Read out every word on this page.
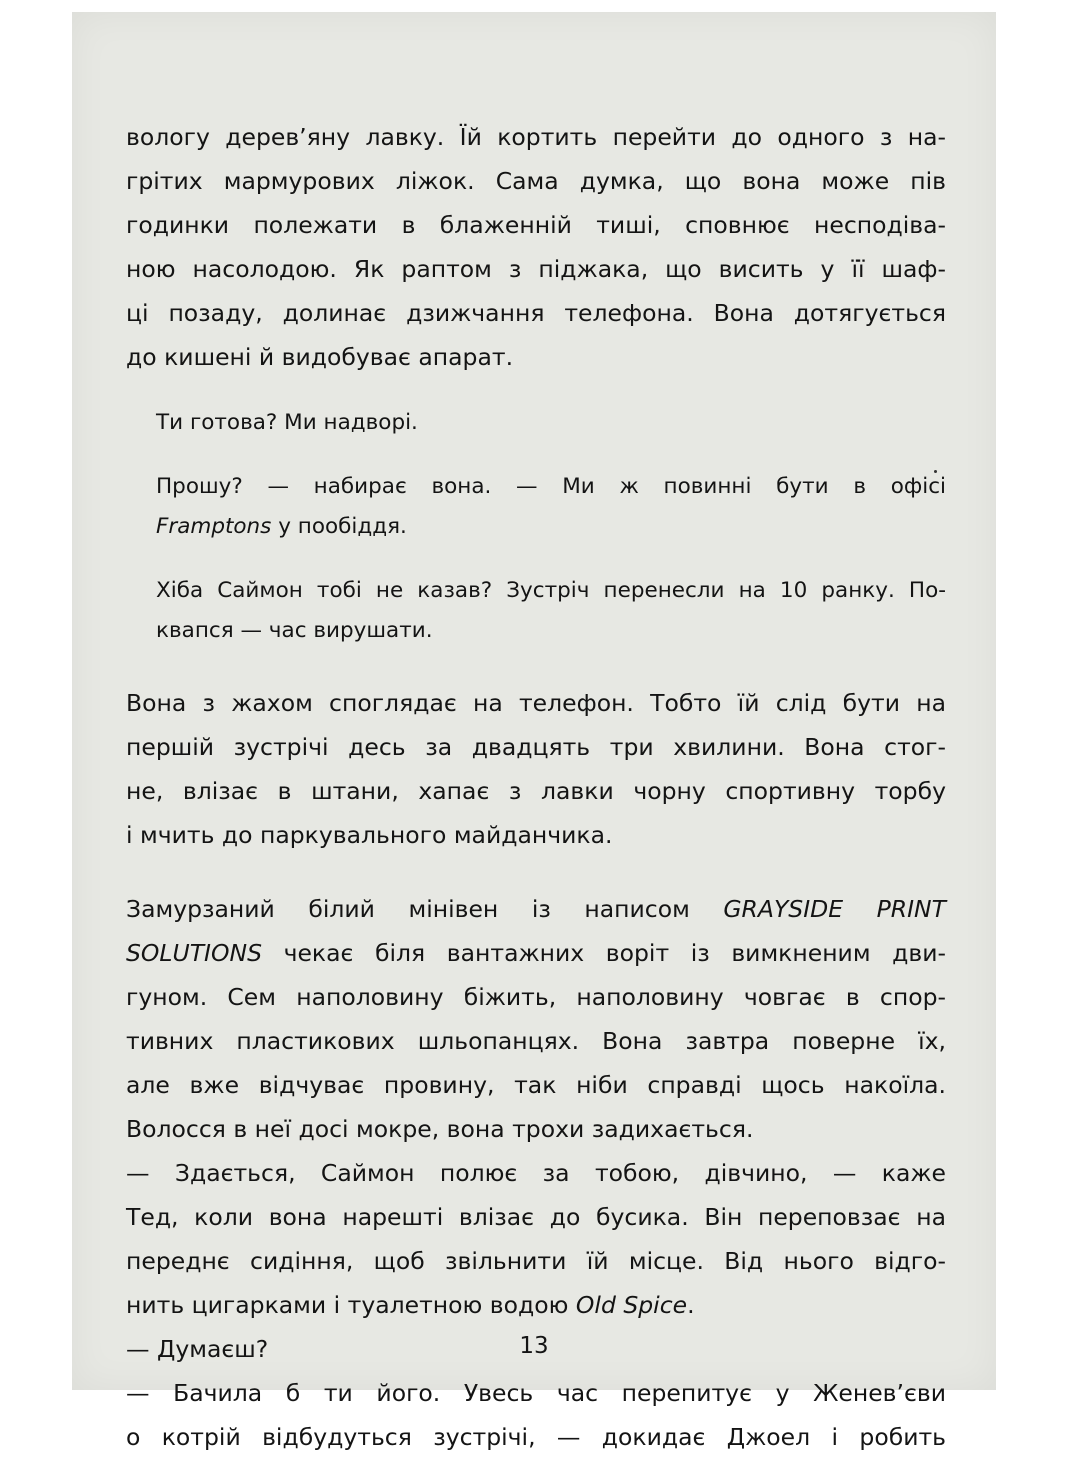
вологу дерев’яну лавку. Їй кортить перейти до одного з на-
грітих мармурових ліжок. Сама думка, що вона може пів
годинки полежати в блаженній тиші, сповнює несподіва-
ною насолодою. Як раптом з піджака, що висить у її шаф-
ці позаду, долинає дзижчання телефона. Вона дотягується
до кишені й видобуває апарат.
Ти готова? Ми надворі.
Прошу? — набирає вона. — Ми ж повинні бути в офісі
Framptons у пообіддя.
Хіба Саймон тобі не казав? Зустріч перенесли на 10 ранку. По-
квапся — час вирушати.
Вона з жахом споглядає на телефон. Тобто їй слід бути на
першій зустрічі десь за двадцять три хвилини. Вона стог-
не, влізає в штани, хапає з лавки чорну спортивну торбу
і мчить до паркувального майданчика.
Замурзаний білий мінівен із написом GRAYSIDE PRINT
SOLUTIONS чекає біля вантажних воріт із вимкненим дви-
гуном. Сем наполовину біжить, наполовину човгає в спор-
тивних пластикових шльопанцях. Вона завтра поверне їх,
але вже відчуває провину, так ніби справді щось накоїла.
Волосся в неї досі мокре, вона трохи задихається.
— Здається, Саймон полює за тобою, дівчино, — каже
Тед, коли вона нарешті влізає до бусика. Він переповзає на
переднє сидіння, щоб звільнити їй місце. Від нього відго-
нить цигарками і туалетною водою Old Spice.
— Думаєш?
— Бачила б ти його. Увесь час перепитує у Женев’єви
о котрій відбудуться зустрічі, — докидає Джоел і робить
13
